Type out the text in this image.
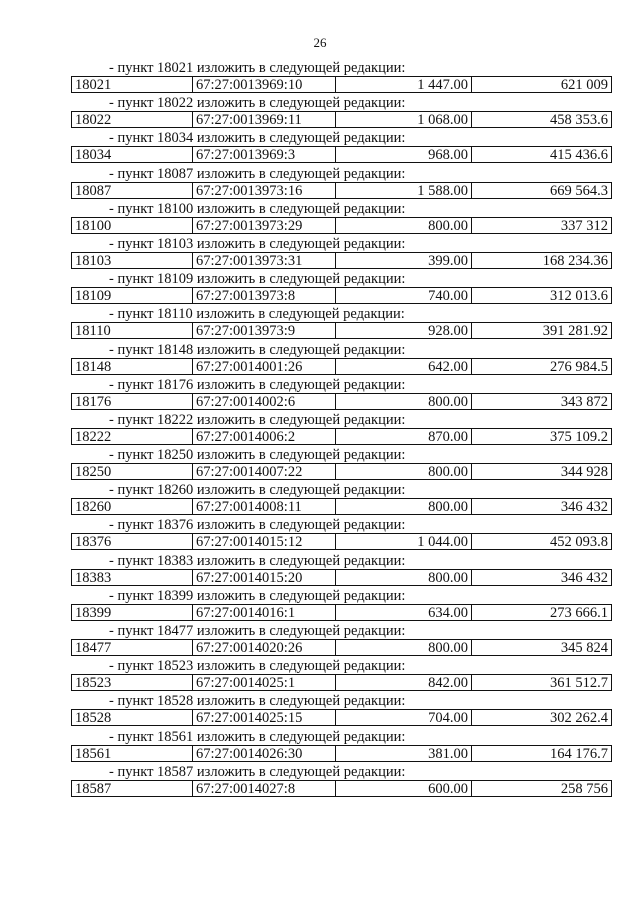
26
- пункт 18021 изложить в следующей редакции:
18021	67:27:0013969:10	1 447.00	621 009
- пункт 18022 изложить в следующей редакции:
18022	67:27:0013969:11	1 068.00	458 353.6
- пункт 18034 изложить в следующей редакции:
18034	67:27:0013969:3	968.00	415 436.6
- пункт 18087 изложить в следующей редакции:
18087	67:27:0013973:16	1 588.00	669 564.3
- пункт 18100 изложить в следующей редакции:
18100	67:27:0013973:29	800.00	337 312
- пункт 18103 изложить в следующей редакции:
18103	67:27:0013973:31	399.00	168 234.36
- пункт 18109 изложить в следующей редакции:
18109	67:27:0013973:8	740.00	312 013.6
- пункт 18110 изложить в следующей редакции:
18110	67:27:0013973:9	928.00	391 281.92
- пункт 18148 изложить в следующей редакции:
18148	67:27:0014001:26	642.00	276 984.5
- пункт 18176 изложить в следующей редакции:
18176	67:27:0014002:6	800.00	343 872
- пункт 18222 изложить в следующей редакции:
18222	67:27:0014006:2	870.00	375 109.2
- пункт 18250 изложить в следующей редакции:
18250	67:27:0014007:22	800.00	344 928
- пункт 18260 изложить в следующей редакции:
18260	67:27:0014008:11	800.00	346 432
- пункт 18376 изложить в следующей редакции:
18376	67:27:0014015:12	1 044.00	452 093.8
- пункт 18383 изложить в следующей редакции:
18383	67:27:0014015:20	800.00	346 432
- пункт 18399 изложить в следующей редакции:
18399	67:27:0014016:1	634.00	273 666.1
- пункт 18477 изложить в следующей редакции:
18477	67:27:0014020:26	800.00	345 824
- пункт 18523 изложить в следующей редакции:
18523	67:27:0014025:1	842.00	361 512.7
- пункт 18528 изложить в следующей редакции:
18528	67:27:0014025:15	704.00	302 262.4
- пункт 18561 изложить в следующей редакции:
18561	67:27:0014026:30	381.00	164 176.7
- пункт 18587 изложить в следующей редакции:
18587	67:27:0014027:8	600.00	258 756
